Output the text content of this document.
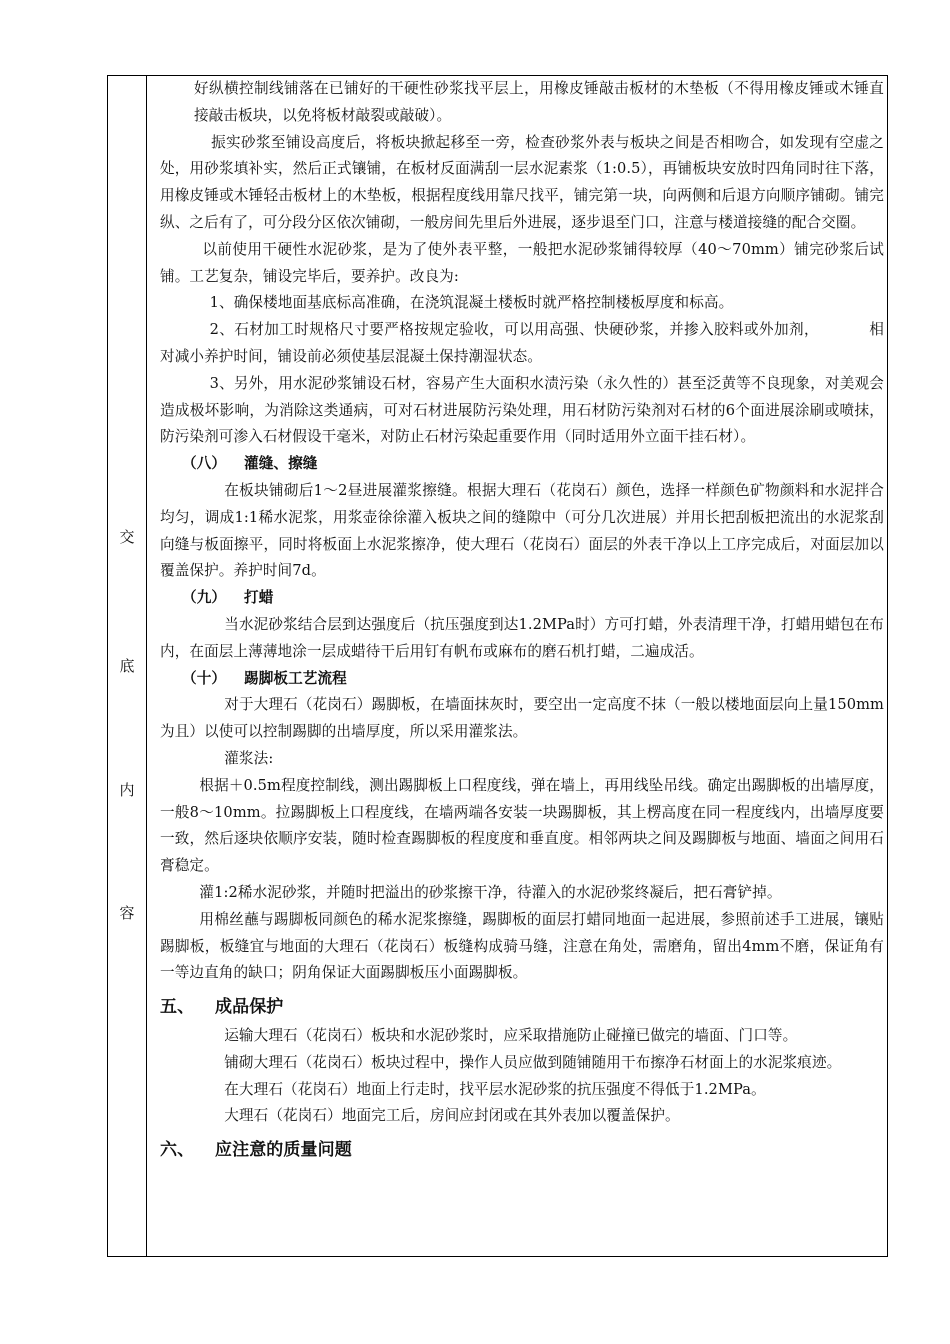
交
底
内
容

好纵横控制线铺落在已铺好的干硬性砂浆找平层上，用橡皮锤敲击板材的木垫板（不得用橡皮锤或木锤直接敲击板块，以免将板材敲裂或敲破）。

振实砂浆至铺设高度后，将板块掀起移至一旁，检查砂浆外表与板块之间是否相吻合，如发现有空虚之处，用砂浆填补实，然后正式镶铺，在板材反面满刮一层水泥素浆（1:0.5），再铺板块安放时四角同时往下落，用橡皮锤或木锤轻击板材上的木垫板，根据程度线用靠尺找平，铺完第一块，向两侧和后退方向顺序铺砌。铺完纵、之后有了，可分段分区依次铺砌，一般房间先里后外进展，逐步退至门口，注意与楼道接缝的配合交圈。

以前使用干硬性水泥砂浆，是为了使外表平整，一般把水泥砂浆铺得较厚（40～70mm）铺完砂浆后试铺。工艺复杂，铺设完毕后，要养护。改良为:

1、确保楼地面基底标高准确，在浇筑混凝土楼板时就严格控制楼板厚度和标高。

2、石材加工时规格尺寸要严格按规定验收，可以用高强、快硬砂浆，并掺入胶料或外加剂，	相对减小养护时间，铺设前必须使基层混凝土保持潮湿状态。

3、另外，用水泥砂浆铺设石材，容易产生大面积水渍污染（永久性的）甚至泛黄等不良现象，对美观会造成极坏影响，为消除这类通病，可对石材进展防污染处理，用石材防污染剂对石材的6个面进展涂刷或喷抹，防污染剂可渗入石材假设干毫米，对防止石材污染起重要作用（同时适用外立面干挂石材）。

（八） 灌缝、擦缝

在板块铺砌后1～2昼进展灌浆擦缝。根据大理石（花岗石）颜色，选择一样颜色矿物颜料和水泥拌合均匀，调成1:1稀水泥浆，用浆壶徐徐灌入板块之间的缝隙中（可分几次进展）并用长把刮板把流出的水泥浆刮向缝与板面擦平，同时将板面上水泥浆擦净，使大理石（花岗石）面层的外表干净以上工序完成后，对面层加以覆盖保护。养护时间7d。

（九） 打蜡

当水泥砂浆结合层到达强度后（抗压强度到达1.2MPa时）方可打蜡，外表清理干净，打蜡用蜡包在布内，在面层上薄薄地涂一层成蜡待干后用钉有帆布或麻布的磨石机打蜡，二遍成活。

（十） 踢脚板工艺流程

对于大理石（花岗石）踢脚板，在墙面抹灰时，要空出一定高度不抹（一般以楼地面层向上量150mm为且）以使可以控制踢脚的出墙厚度，所以采用灌浆法。

灌浆法:

根据＋0.5m程度控制线，测出踢脚板上口程度线，弹在墙上，再用线坠吊线。确定出踢脚板的出墙厚度，一般8～10mm。拉踢脚板上口程度线，在墙两端各安装一块踢脚板，其上楞高度在同一程度线内，出墙厚度要一致，然后逐块依顺序安装，随时检查踢脚板的程度度和垂直度。相邻两块之间及踢脚板与地面、墙面之间用石膏稳定。

灌1:2稀水泥砂浆，并随时把溢出的砂浆擦干净，待灌入的水泥砂浆终凝后，把石膏铲掉。

用棉丝蘸与踢脚板同颜色的稀水泥浆擦缝，踢脚板的面层打蜡同地面一起进展，参照前述手工进展，镶贴踢脚板，板缝宜与地面的大理石（花岗石）板缝构成骑马缝，注意在角处，需磨角，留出4mm不磨，保证角有一等边直角的缺口；阴角保证大面踢脚板压小面踢脚板。

五、 成品保护

运输大理石（花岗石）板块和水泥砂浆时，应采取措施防止碰撞已做完的墙面、门口等。

铺砌大理石（花岗石）板块过程中，操作人员应做到随铺随用干布擦净石材面上的水泥浆痕迹。

在大理石（花岗石）地面上行走时，找平层水泥砂浆的抗压强度不得低于1.2MPa。

大理石（花岗石）地面完工后，房间应封闭或在其外表加以覆盖保护。

六、 应注意的质量问题
